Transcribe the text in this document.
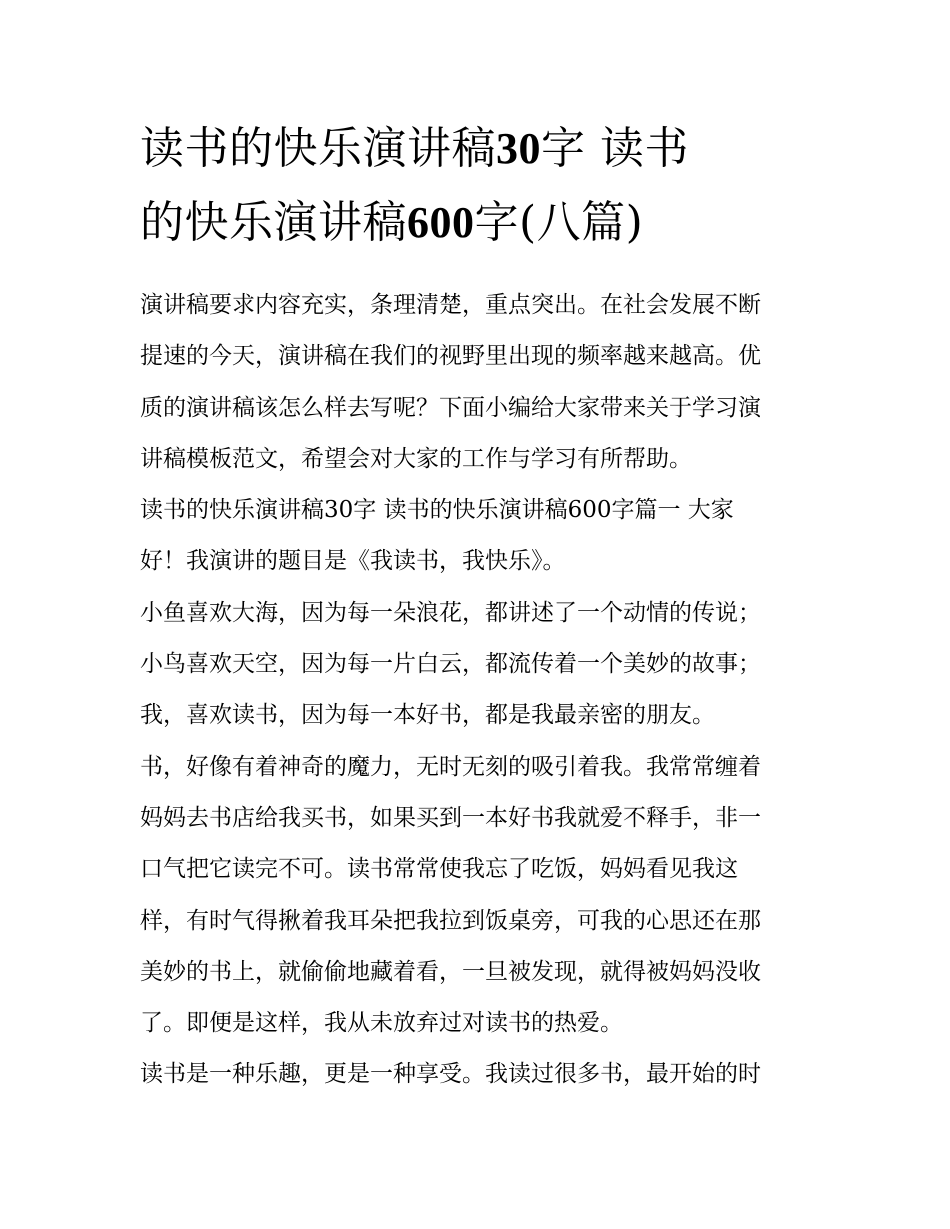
读书的快乐演讲稿30字 读书
的快乐演讲稿600字(八篇)

演讲稿要求内容充实，条理清楚，重点突出。在社会发展不断
提速的今天，演讲稿在我们的视野里出现的频率越来越高。优
质的演讲稿该怎么样去写呢？下面小编给大家带来关于学习演
讲稿模板范文，希望会对大家的工作与学习有所帮助。

读书的快乐演讲稿30字 读书的快乐演讲稿600字篇一 大家
好！我演讲的题目是《我读书，我快乐》。

小鱼喜欢大海，因为每一朵浪花，都讲述了一个动情的传说；
小鸟喜欢天空，因为每一片白云，都流传着一个美妙的故事；
我，喜欢读书，因为每一本好书，都是我最亲密的朋友。

书，好像有着神奇的魔力，无时无刻的吸引着我。我常常缠着
妈妈去书店给我买书，如果买到一本好书我就爱不释手，非一
口气把它读完不可。读书常常使我忘了吃饭，妈妈看见我这
样，有时气得揪着我耳朵把我拉到饭桌旁，可我的心思还在那
美妙的书上，就偷偷地藏着看，一旦被发现，就得被妈妈没收
了。即便是这样，我从未放弃过对读书的热爱。

读书是一种乐趣，更是一种享受。我读过很多书，最开始的时
